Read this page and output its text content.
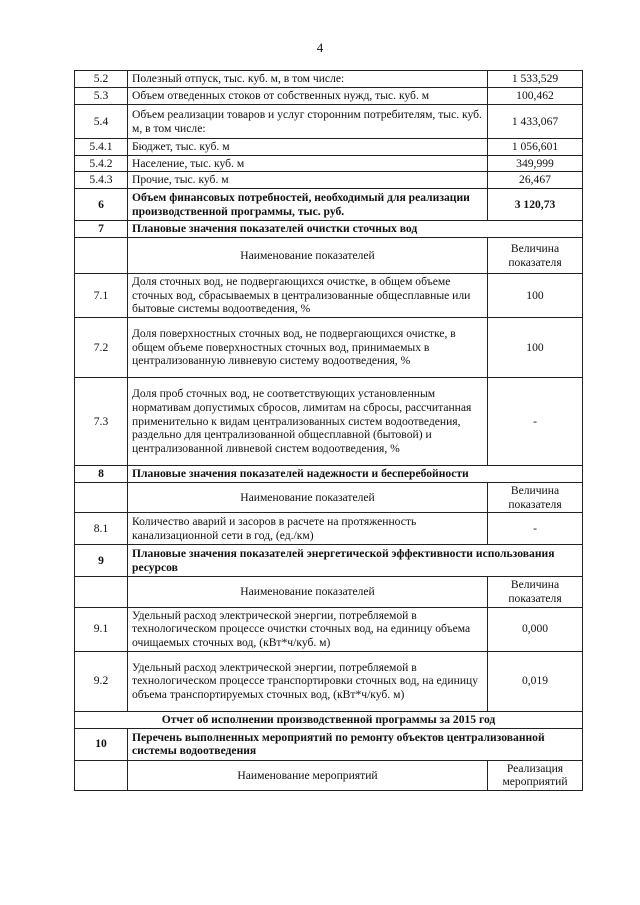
4
5.2	Полезный отпуск, тыс. куб. м, в том числе:	1 533,529
5.3	Объем отведенных стоков от собственных нужд, тыс. куб. м	100,462
5.4	Объем реализации товаров и услуг сторонним потребителям, тыс. куб. м, в том числе:	1 433,067
5.4.1	Бюджет, тыс. куб. м	1 056,601
5.4.2	Население, тыс. куб. м	349,999
5.4.3	Прочие, тыс. куб. м	26,467
6	Объем финансовых потребностей, необходимый для реализации производственной программы, тыс. руб.	3 120,73
7	Плановые значения показателей очистки сточных вод	
	Наименование показателей	Величина показателя
7.1	Доля сточных вод, не подвергающихся очистке, в общем объеме сточных вод, сбрасываемых в централизованные общесплавные или бытовые системы водоотведения, %	100
7.2	Доля поверхностных сточных вод, не подвергающихся очистке, в общем объеме поверхностных сточных вод, принимаемых в централизованную ливневую систему водоотведения, %	100
7.3	Доля проб сточных вод, не соответствующих установленным нормативам допустимых сбросов, лимитам на сбросы, рассчитанная применительно к видам централизованных систем водоотведения, раздельно для централизованной общесплавной (бытовой) и централизованной ливневой систем водоотведения, %	-
8	Плановые значения показателей надежности и бесперебойности	
	Наименование показателей	Величина показателя
8.1	Количество аварий и засоров в расчете на протяженность канализационной сети в год, (ед./км)	-
9	Плановые значения показателей энергетической эффективности использования ресурсов	
	Наименование показателей	Величина показателя
9.1	Удельный расход электрической энергии, потребляемой в технологическом процессе очистки сточных вод, на единицу объема очищаемых сточных вод, (кВт*ч/куб. м)	0,000
9.2	Удельный расход электрической энергии, потребляемой в технологическом процессе транспортировки сточных вод, на единицу объема транспортируемых сточных вод, (кВт*ч/куб. м)	0,019
Отчет об исполнении производственной программы за 2015 год		
10	Перечень выполненных мероприятий по ремонту объектов централизованной системы водоотведения	
	Наименование мероприятий	Реализация мероприятий
